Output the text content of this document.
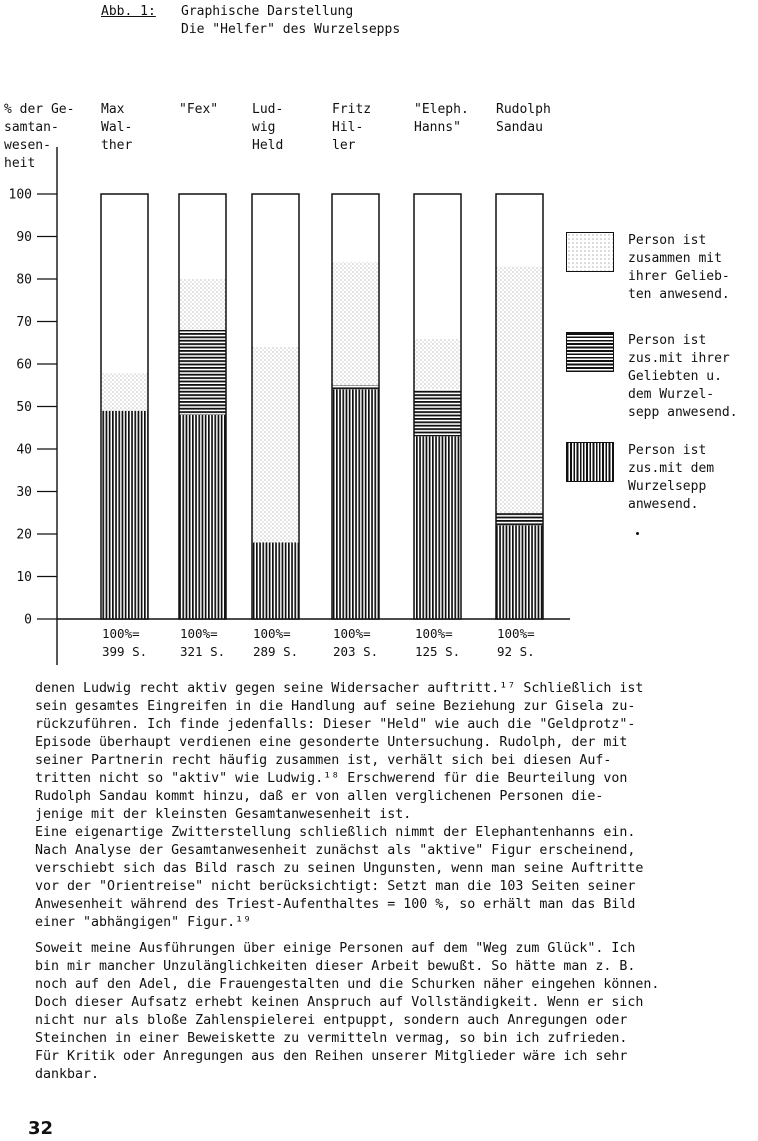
Abb. 1: Graphische Darstellung
Die "Helfer" des Wurzelsepps
% der Ge-
samtan-
wesen-
heit
0
10
20
30
40
50
60
70
80
90
100
Max
Wal-
ther
"Fex"	Lud-
wig
Held
Fritz
Hil-
ler
"Eleph.
Hanns"
Rudolph
Sandau
100%=
399 S.
100%=
321 S.
100%=
289 S.
100%=
203 S.
100%=
125 S.
100%=
92 S.
Person ist
zusammen mit
ihrer Gelieb-
ten anwesend.
Person ist
zus.mit ihrer
Geliebten u.
dem Wurzel-
sepp anwesend.
Person ist
zus.mit dem
Wurzelsepp
anwesend.

denen Ludwig recht aktiv gegen seine Widersacher auftritt.¹⁷ Schließlich ist
sein gesamtes Eingreifen in die Handlung auf seine Beziehung zur Gisela zu-
rückzuführen. Ich finde jedenfalls: Dieser "Held" wie auch die "Geldprotz"-
Episode überhaupt verdienen eine gesonderte Untersuchung. Rudolph, der mit
seiner Partnerin recht häufig zusammen ist, verhält sich bei diesen Auf-
tritten nicht so "aktiv" wie Ludwig.¹⁸ Erschwerend für die Beurteilung von
Rudolph Sandau kommt hinzu, daß er von allen verglichenen Personen die-
jenige mit der kleinsten Gesamtanwesenheit ist.
Eine eigenartige Zwitterstellung schließlich nimmt der Elephantenhanns ein.
Nach Analyse der Gesamtanwesenheit zunächst als "aktive" Figur erscheinend,
verschiebt sich das Bild rasch zu seinen Ungunsten, wenn man seine Auftritte
vor der "Orientreise" nicht berücksichtigt: Setzt man die 103 Seiten seiner
Anwesenheit während des Triest-Aufenthaltes = 100 %, so erhält man das Bild
einer "abhängigen" Figur.¹⁹

Soweit meine Ausführungen über einige Personen auf dem "Weg zum Glück". Ich
bin mir mancher Unzulänglichkeiten dieser Arbeit bewußt. So hätte man z. B.
noch auf den Adel, die Frauengestalten und die Schurken näher eingehen können.
Doch dieser Aufsatz erhebt keinen Anspruch auf Vollständigkeit. Wenn er sich
nicht nur als bloße Zahlenspielerei entpuppt, sondern auch Anregungen oder
Steinchen in einer Beweiskette zu vermitteln vermag, so bin ich zufrieden.
Für Kritik oder Anregungen aus den Reihen unserer Mitglieder wäre ich sehr
dankbar.

32
